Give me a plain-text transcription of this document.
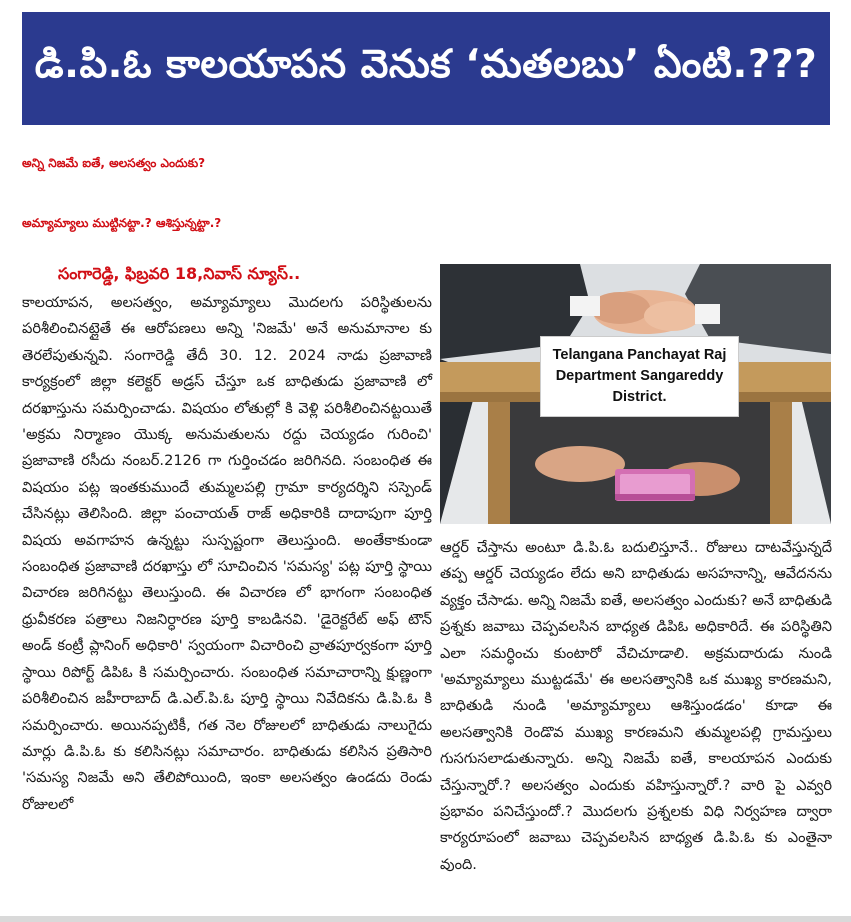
డి.పి.ఓ కాలయాపన వెనుక ‘మతలబు’ ఏంటి.???
అన్ని నిజమే ఐతే, అలసత్వం ఎందుకు?
అమ్యామ్యాలు ముట్టినట్టా.? ఆశిస్తున్నట్టా.?
సంగారెడ్డి, ఫిబ్రవరి 18,నివాస్ న్యూస్..
కాలయాపన, అలసత్వం, అమ్యామ్యాలు మొదలగు పరిస్థితులను పరిశీలించినట్లైతే ఈ ఆరోపణలు అన్ని 'నిజమే' అనే అనుమానాల కు తెరలేపుతున్నవి. సంగారెడ్డి తేదీ 30. 12. 2024 నాడు ప్రజావాణి కార్యక్రంలో జిల్లా కలెక్టర్ అడ్రస్ చేస్తూ ఒక బాధితుడు ప్రజావాణి లో దరఖాస్తును సమర్పించాడు. విషయం లోతుల్లో కి వెళ్లి పరిశీలించినట్టయితే 'అక్రమ నిర్మాణం యొక్క అనుమతులను రద్దు చెయ్యడం గురించి' ప్రజావాణి రసీదు నంబర్.2126 గా గుర్తించడం జరిగినది. సంబంధిత ఈ విషయం పట్ల ఇంతకుముందే తుమ్మలపల్లి గ్రామా కార్యదర్శిని సస్పెండ్ చేసినట్లు తెలిసింది. జిల్లా పంచాయత్ రాజ్ అధికారికి దాదాపుగా పూర్తి విషయ అవగాహన ఉన్నట్టు సుస్పష్టంగా తెలుస్తుంది. అంతేకాకుండా సంబంధిత ప్రజావాణి దరఖాస్తు లో సూచించిన 'సమస్య' పట్ల పూర్తి స్థాయి విచారణ జరిగినట్టు తెలుస్తుంది. ఈ విచారణ లో భాగంగా సంబంధిత ధ్రువీకరణ పత్రాలు నిజనిర్ధారణ పూర్తి కాబడినవి. 'డైరెక్టరేట్ అఫ్ టౌన్ అండ్ కంట్రీ ప్లానింగ్ అధికారి' స్వయంగా విచారించి వ్రాతపూర్వకంగా పూర్తి స్థాయి రిపోర్ట్ డిపిఓ కి సమర్పించారు. సంబంధిత సమాచారాన్ని క్షుణ్ణంగా పరిశీలించిన జహీరాబాద్ డి.ఎల్.పి.ఓ పూర్తి స్థాయి నివేదికను డి.పి.ఓ కి సమర్పించారు. అయినప్పటికీ, గత నెల రోజులలో బాధితుడు నాలుగైదు మార్లు డి.పి.ఓ కు కలిసినట్లు సమాచారం. బాధితుడు కలిసిన ప్రతిసారి 'సమస్య నిజమే అని తేలిపోయింది, ఇంకా అలసత్వం ఉండదు రెండు రోజులలో
Telangana Panchayat Raj Department Sangareddy District.
ఆర్డర్ చేస్తాను అంటూ డి.పి.ఓ బదులిస్తూనే.. రోజులు దాటవేస్తున్నదే తప్ప ఆర్డర్ చెయ్యడం లేదు అని బాధితుడు అసహనాన్ని, ఆవేదనను వ్యక్తం చేసాడు. అన్ని నిజమే ఐతే, అలసత్వం ఎందుకు? అనే బాధితుడి ప్రశ్నకు జవాబు చెప్పవలసిన బాధ్యత డిపిఓ అధికారిదే. ఈ పరిస్థితిని ఎలా సమర్ధించు కుంటారో వేచిచూడాలి. అక్రమదారుడు నుండి 'అమ్యామ్యాలు ముట్టడమే' ఈ అలసత్వానికి ఒక ముఖ్య కారణమని, బాధితుడి నుండి 'అమ్యామ్యాలు ఆశిస్తుండడం' కూడా ఈ అలసత్వానికి రెండొవ ముఖ్య కారణమని తుమ్మలపల్లి గ్రామస్తులు గుసగుసలాడుతున్నారు. అన్ని నిజమే ఐతే, కాలయాపన ఎందుకు చేస్తున్నారో.? అలసత్వం ఎందుకు వహిస్తున్నారో.? వారి పై ఎవ్వరి ప్రభావం పనిచేస్తుందో.? మొదలగు ప్రశ్నలకు విధి నిర్వహణ ద్వారా కార్యరూపంలో జవాబు చెప్పవలసిన బాధ్యత డి.పి.ఓ కు ఎంతైనా వుంది.
